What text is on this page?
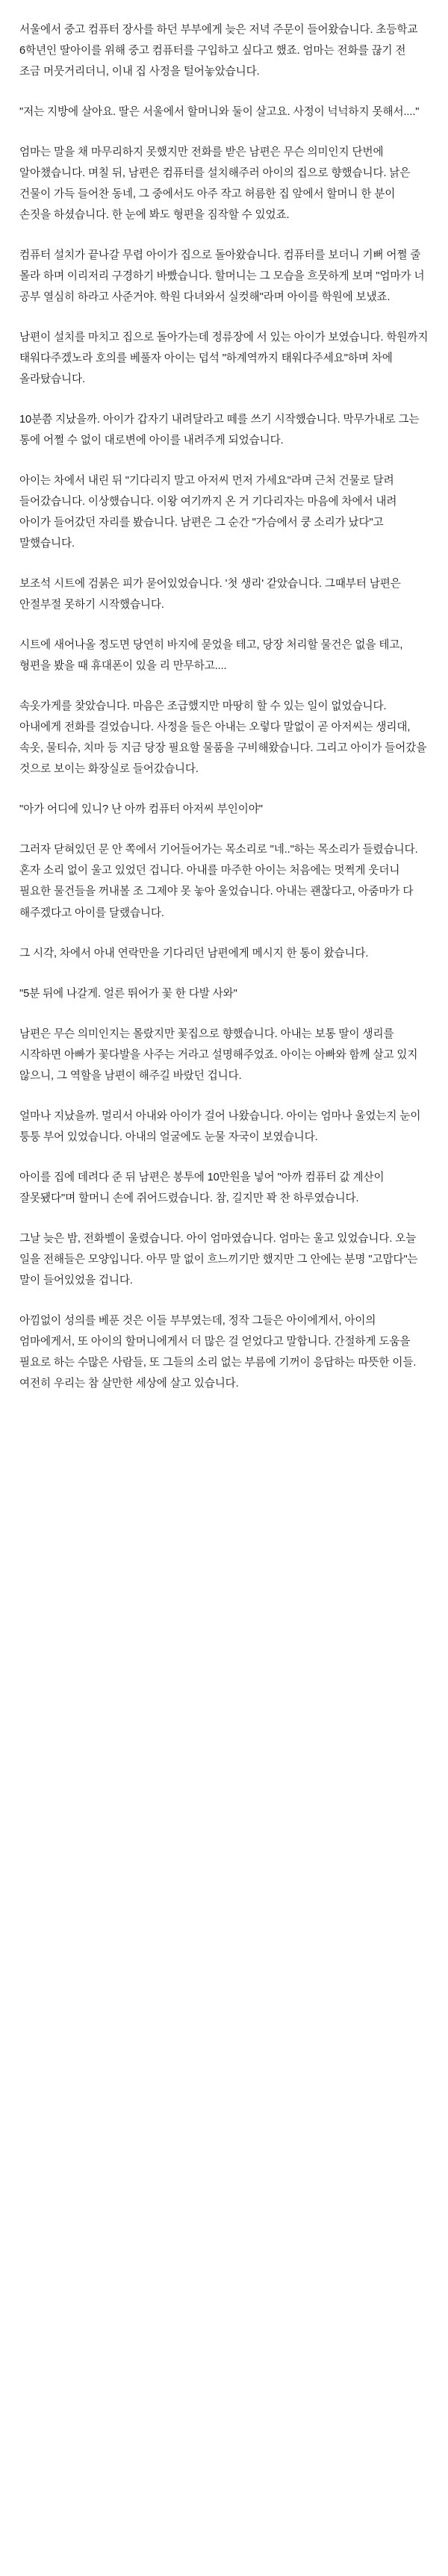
서울에서 중고 컴퓨터 장사를 하던 부부에게 늦은 저녁 주문이 들어왔습니다. 초등학교 6학년인 딸아이를 위해 중고 컴퓨터를 구입하고 싶다고 했죠. 엄마는 전화를 끊기 전 조금 머뭇거리더니, 이내 집 사정을 털어놓았습니다.

"저는 지방에 살아요. 딸은 서울에서 할머니와 둘이 살고요. 사정이 넉넉하지 못해서...."

엄마는 말을 채 마무리하지 못했지만 전화를 받은 남편은 무슨 의미인지 단번에 알아챘습니다. 며칠 뒤, 남편은 컴퓨터를 설치해주러 아이의 집으로 향했습니다. 낡은 건물이 가득 들어찬 동네, 그 중에서도 아주 작고 허름한 집 앞에서 할머니 한 분이 손짓을 하셨습니다. 한 눈에 봐도 형편을 짐작할 수 있었죠.

컴퓨터 설치가 끝나갈 무렵 아이가 집으로 돌아왔습니다. 컴퓨터를 보더니 기뻐 어쩔 줄 몰라 하며 이리저리 구경하기 바빴습니다. 할머니는 그 모습을 흐뭇하게 보며 "엄마가 너 공부 열심히 하라고 사준거야. 학원 다녀와서 실컷해"라며 아이를 학원에 보냈죠.

남편이 설치를 마치고 집으로 돌아가는데 정류장에 서 있는 아이가 보였습니다. 학원까지 태워다주겠노라 호의를 베풀자 아이는 덥석 "하계역까지 태워다주세요"하며 차에 올라탔습니다.

10분쯤 지났을까. 아이가 갑자기 내려달라고 떼를 쓰기 시작했습니다. 막무가내로 그는 통에 어쩔 수 없이 대로변에 아이를 내려주게 되었습니다.

아이는 차에서 내린 뒤 "기다리지 말고 아저씨 먼저 가세요"라며 근처 건물로 달려 들어갔습니다. 이상했습니다. 이왕 여기까지 온 거 기다리자는 마음에 차에서 내려 아이가 들어갔던 자리를 봤습니다. 남편은 그 순간 "가슴에서 쿵 소리가 났다"고 말했습니다.

보조석 시트에 검붉은 피가 묻어있었습니다. '첫 생리' 같았습니다. 그때부터 남편은 안절부절 못하기 시작했습니다.

시트에 새어나올 정도면 당연히 바지에 묻었을 테고, 당장 처리할 물건은 없을 테고, 형편을 봤을 때 휴대폰이 있을 리 만무하고....

속옷가게를 찾았습니다. 마음은 조급했지만 마땅히 할 수 있는 일이 없었습니다. 아내에게 전화를 걸었습니다. 사정을 들은 아내는 오렇다 말없이 곧 아저씨는 생리대, 속옷, 물티슈, 치마 등 지금 당장 필요할 물품을 구비해왔습니다. 그리고 아이가 들어갔을 것으로 보이는 화장실로 들어갔습니다.

"아가 어디에 있니? 난 아까 컴퓨터 아저씨 부인이야"

그러자 닫혀있던 문 안 쪽에서 기어들어가는 목소리로 "네.."하는 목소리가 들렸습니다. 혼자 소리 없이 울고 있었던 겁니다. 아내를 마주한 아이는 처음에는 멋쩍게 웃더니 필요한 물건들을 꺼내볼 조 그제야 못 놓아 울었습니다. 아내는 괜찮다고, 아줌마가 다 해주겠다고 아이를 달랬습니다.

그 시각, 차에서 아내 연락만을 기다리던 남편에게 메시지 한 통이 왔습니다.

"5분 뒤에 나갈게. 얼른 뛰어가 꽃 한 다발 사와"

남편은 무슨 의미인지는 몰랐지만 꽃집으로 향했습니다. 아내는 보통 딸이 생리를 시작하면 아빠가 꽃다발을 사주는 거라고 설명해주었죠. 아이는 아빠와 함께 살고 있지 않으니, 그 역할을 남편이 해주길 바랐던 겁니다.

얼마나 지났을까. 멀리서 아내와 아이가 걸어 나왔습니다. 아이는 엄마나 울었는지 눈이 퉁퉁 부어 있었습니다. 아내의 얼굴에도 눈물 자국이 보였습니다.

아이를 집에 데려다 준 뒤 남편은 봉투에 10만원을 넣어 "아까 컴퓨터 값 계산이 잘못됐다"며 할머니 손에 쥐어드렸습니다. 참, 길지만 꽉 찬 하루였습니다.

그날 늦은 밤, 전화벨이 울렸습니다. 아이 엄마였습니다. 엄마는 울고 있었습니다. 오늘 일을 전해들은 모양입니다. 아무 말 없이 흐느끼기만 했지만 그 안에는 분명 "고맙다"는 말이 들어있었을 겁니다.

아낌없이 성의를 베푼 것은 이들 부부였는데, 정작 그들은 아이에게서, 아이의 엄마에게서, 또 아이의 할머니에게서 더 많은 걸 얻었다고 말합니다. 간절하게 도움을 필요로 하는 수많은 사람들, 또 그들의 소리 없는 부름에 기꺼이 응답하는 따뜻한 이들. 여전히 우리는 참 살만한 세상에 살고 있습니다.
